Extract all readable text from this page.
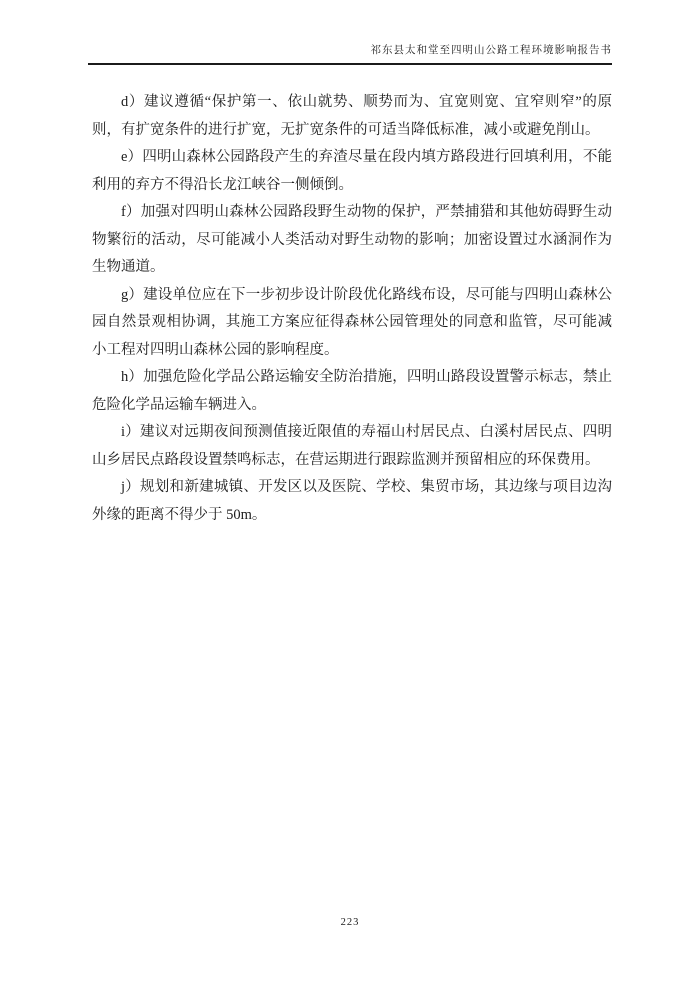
祁东县太和堂至四明山公路工程环境影响报告书

d）建议遵循“保护第一、依山就势、顺势而为、宜宽则宽、宜窄则窄”的原则，有扩宽条件的进行扩宽，无扩宽条件的可适当降低标准，减小或避免削山。

e）四明山森林公园路段产生的弃渣尽量在段内填方路段进行回填利用，不能利用的弃方不得沿长龙江峡谷一侧倾倒。

f）加强对四明山森林公园路段野生动物的保护，严禁捕猎和其他妨碍野生动物繁衍的活动，尽可能减小人类活动对野生动物的影响；加密设置过水涵洞作为生物通道。

g）建设单位应在下一步初步设计阶段优化路线布设，尽可能与四明山森林公园自然景观相协调，其施工方案应征得森林公园管理处的同意和监管，尽可能减小工程对四明山森林公园的影响程度。

h）加强危险化学品公路运输安全防治措施，四明山路段设置警示标志，禁止危险化学品运输车辆进入。

i）建议对远期夜间预测值接近限值的寿福山村居民点、白溪村居民点、四明山乡居民点路段设置禁鸣标志，在营运期进行跟踪监测并预留相应的环保费用。

j）规划和新建城镇、开发区以及医院、学校、集贸市场，其边缘与项目边沟外缘的距离不得少于 50m。

223
